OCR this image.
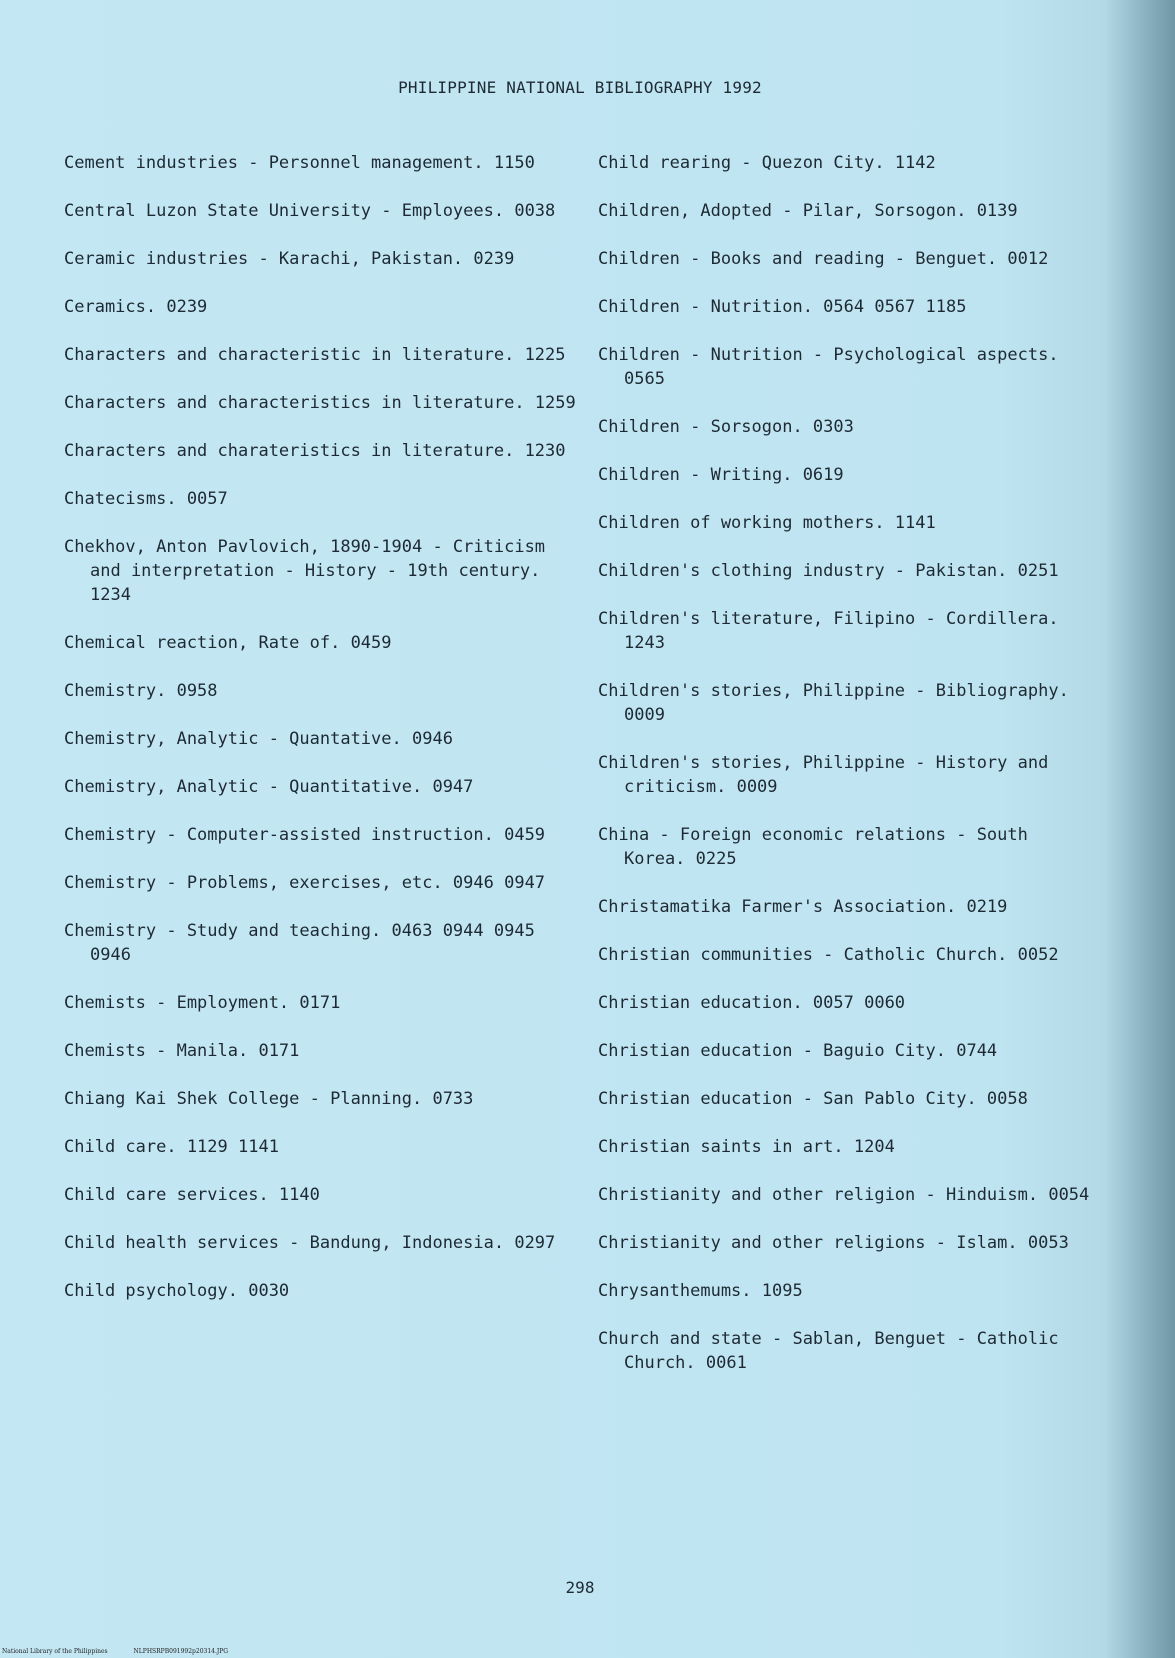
PHILIPPINE NATIONAL BIBLIOGRAPHY 1992
Cement industries - Personnel management. 1150
Central Luzon State University - Employees. 0038
Ceramic industries - Karachi, Pakistan. 0239
Ceramics. 0239
Characters and characteristic in literature. 1225
Characters and characteristics in literature. 1259
Characters and charateristics in literature. 1230
Chatecisms. 0057
Chekhov, Anton Pavlovich, 1890-1904 - Criticism and interpretation - History - 19th century. 1234
Chemical reaction, Rate of. 0459
Chemistry. 0958
Chemistry, Analytic - Quantative. 0946
Chemistry, Analytic - Quantitative. 0947
Chemistry - Computer-assisted instruction. 0459
Chemistry - Problems, exercises, etc. 0946 0947
Chemistry - Study and teaching. 0463 0944 0945 0946
Chemists - Employment. 0171
Chemists - Manila. 0171
Chiang Kai Shek College - Planning. 0733
Child care. 1129 1141
Child care services. 1140
Child health services - Bandung, Indonesia. 0297
Child psychology. 0030
Child rearing - Quezon City. 1142
Children, Adopted - Pilar, Sorsogon. 0139
Children - Books and reading - Benguet. 0012
Children - Nutrition. 0564 0567 1185
Children - Nutrition - Psychological aspects. 0565
Children - Sorsogon. 0303
Children - Writing. 0619
Children of working mothers. 1141
Children's clothing industry - Pakistan. 0251
Children's literature, Filipino - Cordillera. 1243
Children's stories, Philippine - Bibliography. 0009
Children's stories, Philippine - History and criticism. 0009
China - Foreign economic relations - South Korea. 0225
Christamatika Farmer's Association. 0219
Christian communities - Catholic Church. 0052
Christian education. 0057 0060
Christian education - Baguio City. 0744
Christian education - San Pablo City. 0058
Christian saints in art. 1204
Christianity and other religion - Hinduism. 0054
Christianity and other religions - Islam. 0053
Chrysanthemums. 1095
Church and state - Sablan, Benguet - Catholic Church. 0061
298
National Library of the Philippines	NLPHSRPB091992p20314.JPG
